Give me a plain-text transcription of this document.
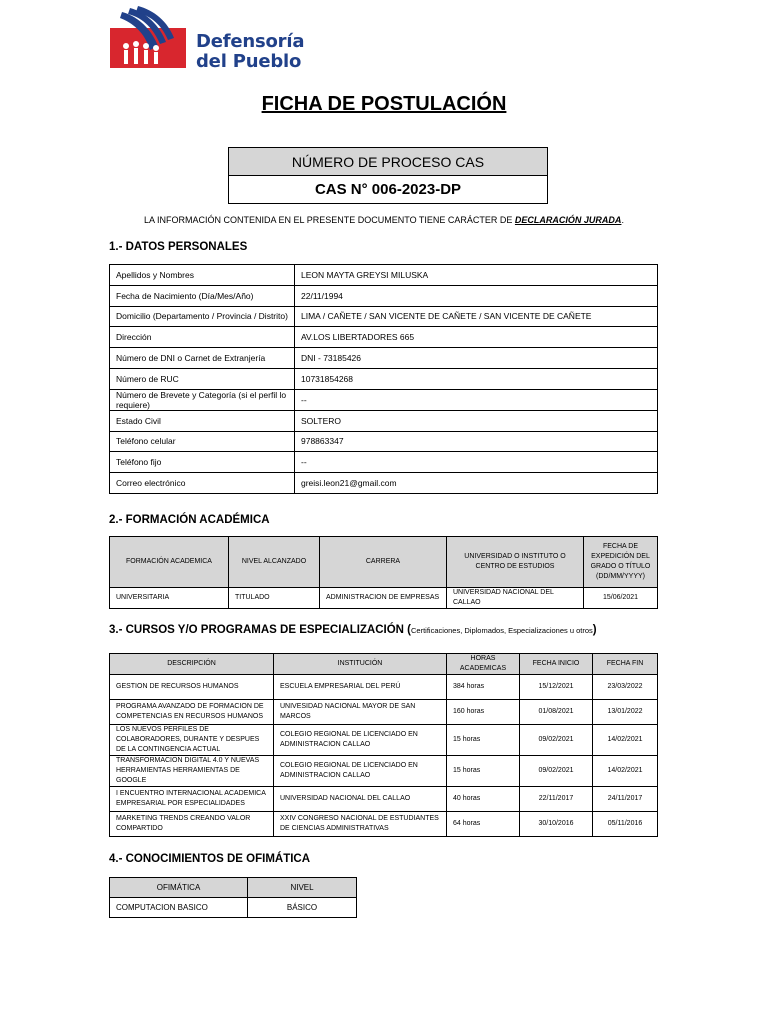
Defensoría
del Pueblo
FICHA DE POSTULACIÓN
NÚMERO DE PROCESO CAS
CAS N° 006-2023-DP
LA INFORMACIÓN CONTENIDA EN EL PRESENTE DOCUMENTO TIENE CARÁCTER DE DECLARACIÓN JURADA.
1.- DATOS PERSONALES
Apellidos y Nombres	LEON MAYTA GREYSI MILUSKA
Fecha de Nacimiento (Día/Mes/Año)	22/11/1994
Domicilio (Departamento / Provincia / Distrito)	LIMA / CAÑETE / SAN VICENTE DE CAÑETE / SAN VICENTE DE CAÑETE
Dirección	AV.LOS LIBERTADORES 665
Número de DNI o Carnet de Extranjería	DNI - 73185426
Número de RUC	10731854268
Número de Brevete y Categoría (si el perfil lo requiere)	--
Estado Civil	SOLTERO
Teléfono celular	978863347
Teléfono fijo	--
Correo electrónico	greisi.leon21@gmail.com
2.- FORMACIÓN ACADÉMICA
FORMACIÓN ACADEMICA	NIVEL ALCANZADO	CARRERA	UNIVERSIDAD O INSTITUTO O CENTRO DE ESTUDIOS	FECHA DE EXPEDICIÓN DEL GRADO O TÍTULO (DD/MM/YYYY)
UNIVERSITARIA	TITULADO	ADMINISTRACION DE EMPRESAS	UNIVERSIDAD NACIONAL DEL CALLAO	15/06/2021
3.- CURSOS Y/O PROGRAMAS DE ESPECIALIZACIÓN (Certificaciones, Diplomados, Especializaciones u otros)
DESCRIPCIÓN	INSTITUCIÓN	HORAS ACADEMICAS	FECHA INICIO	FECHA FIN
GESTION DE RECURSOS HUMANOS	ESCUELA EMPRESARIAL DEL PERÚ	384 horas	15/12/2021	23/03/2022
PROGRAMA AVANZADO DE FORMACION DE COMPETENCIAS EN RECURSOS HUMANOS	UNIVESIDAD NACIONAL MAYOR DE SAN MARCOS	160 horas	01/08/2021	13/01/2022
LOS NUEVOS PERFILES DE COLABORADORES, DURANTE Y DESPUES DE LA CONTINGENCIA ACTUAL	COLEGIO REGIONAL DE LICENCIADO EN ADMINISTRACION CALLAO	15 horas	09/02/2021	14/02/2021
TRANSFORMACION DIGITAL 4.0 Y NUEVAS HERRAMIENTAS HERRAMIENTAS DE GOOGLE	COLEGIO REGIONAL DE LICENCIADO EN ADMINISTRACION CALLAO	15 horas	09/02/2021	14/02/2021
I ENCUENTRO INTERNACIONAL ACADEMICA EMPRESARIAL POR ESPECIALIDADES	UNIVERSIDAD NACIONAL DEL CALLAO	40 horas	22/11/2017	24/11/2017
MARKETING TRENDS CREANDO VALOR COMPARTIDO	XXIV CONGRESO NACIONAL DE ESTUDIANTES DE CIENCIAS ADMINISTRATIVAS	64 horas	30/10/2016	05/11/2016
4.- CONOCIMIENTOS DE OFIMÁTICA
OFIMÁTICA	NIVEL
COMPUTACION BASICO	BÁSICO
